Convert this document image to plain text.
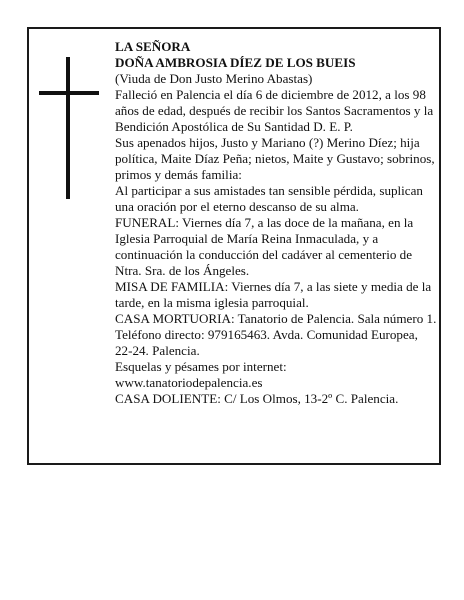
LA SEÑORA

DOÑA AMBROSIA DÍEZ DE LOS BUEIS

(Viuda de Don Justo Merino Abastas)

Falleció en Palencia el día 6 de diciembre de 2012, a los 98 años de edad, después de recibir los Santos Sacramentos y la Bendición Apostólica de Su Santidad D. E. P.

Sus apenados hijos, Justo y Mariano (?) Merino Díez; hija política, Maite Díaz Peña; nietos, Maite y Gustavo; sobrinos, primos y demás familia:

Al participar a sus amistades tan sensible pérdida, suplican una oración por el eterno descanso de su alma.

FUNERAL: Viernes día 7, a las doce de la mañana, en la Iglesia Parroquial de María Reina Inmaculada, y a continuación la conducción del cadáver al cementerio de Ntra. Sra. de los Ángeles.

MISA DE FAMILIA: Viernes día 7, a las siete y media de la tarde, en la misma iglesia parroquial.

CASA MORTUORIA: Tanatorio de Palencia. Sala número 1. Teléfono directo: 979165463. Avda. Comunidad Europea, 22-24. Palencia.

Esquelas y pésames por internet: www.tanatoriodepalencia.es

CASA DOLIENTE: C/ Los Olmos, 13-2º C. Palencia.
